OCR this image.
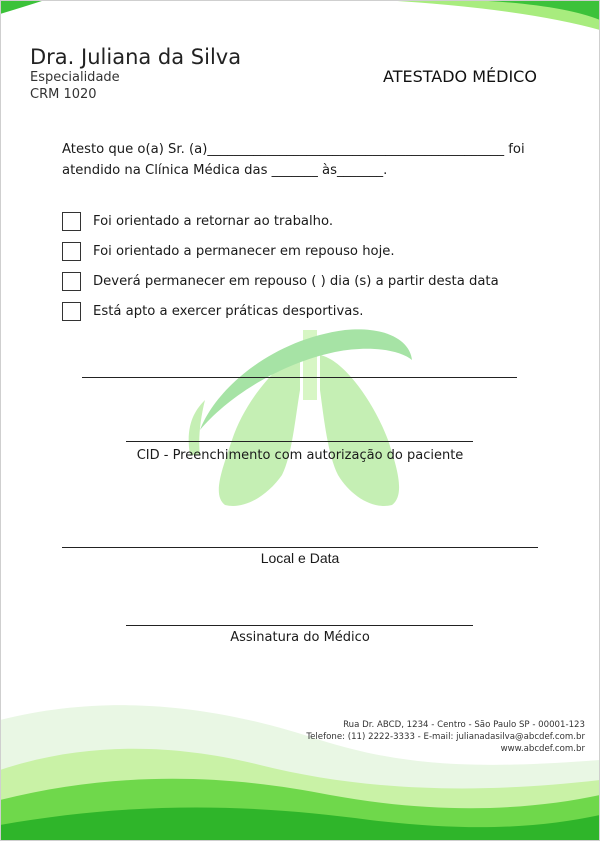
Dra. Juliana da Silva
Especialidade
CRM 1020
ATESTADO MÉDICO
Atesto que o(a) Sr. (a)_____________________________________________ foi
atendido na Clínica Médica das _______ às_______.
Foi orientado a retornar ao trabalho.
Foi orientado a permanecer em repouso hoje.
Deverá permanecer em repouso ( ) dia (s) a partir desta data
Está apto a exercer práticas desportivas.
CID - Preenchimento com autorização do paciente
Local e Data
Assinatura do Médico
Rua Dr. ABCD, 1234 - Centro - São Paulo SP - 00001-123
Telefone: (11) 2222-3333 - E-mail: julianadasilva@abcdef.com.br
www.abcdef.com.br
